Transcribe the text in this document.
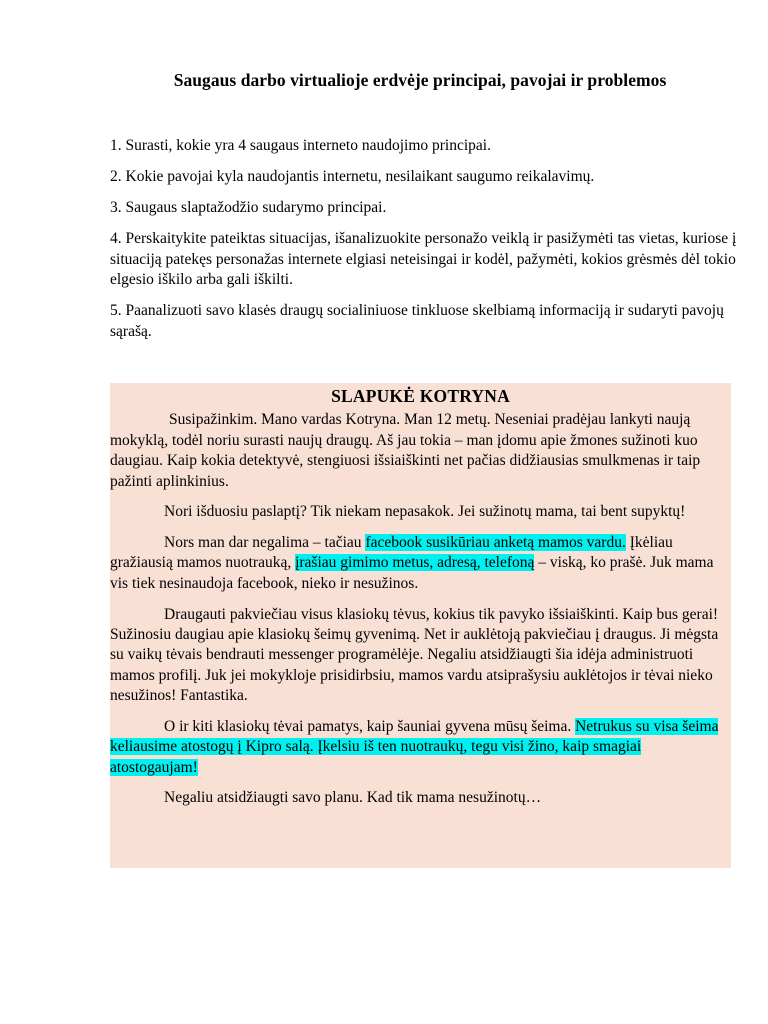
Saugaus darbo virtualioje erdvėje principai, pavojai ir problemos
1. Surasti, kokie yra 4 saugaus interneto naudojimo principai.
2. Kokie pavojai kyla naudojantis internetu, nesilaikant saugumo reikalavimų.
3. Saugaus slaptažodžio sudarymo principai.
4. Perskaitykite pateiktas situacijas, išanalizuokite personažo veiklą ir pasižymėti tas vietas, kuriose į situaciją patekęs personažas internete elgiasi neteisingai ir kodėl, pažymėti, kokios grėsmės dėl tokio elgesio iškilo arba gali iškilti.
5. Paanalizuoti savo klasės draugų socialiniuose tinkluose skelbiamą informaciją ir sudaryti pavojų sąrašą.
SLAPUKĖ KOTRYNA
Susipažinkim. Mano vardas Kotryna. Man 12 metų. Neseniai pradėjau lankyti naują mokyklą, todėl noriu surasti naujų draugų. Aš jau tokia – man įdomu apie žmones sužinoti kuo daugiau. Kaip kokia detektyvė, stengiuosi išsiaiškinti net pačias didžiausias smulkmenas ir taip pažinti aplinkinius.
Nori išduosiu paslaptį? Tik niekam nepasakok. Jei sužinotų mama, tai bent supyktų!
Nors man dar negalima – tačiau facebook susikūriau anketą mamos vardu. Įkėliau gražiausią mamos nuotrauką, įrašiau gimimo metus, adresą, telefoną – viską, ko prašė. Juk mama vis tiek nesinaudoja facebook, nieko ir nesužinos.
Draugauti pakviečiau visus klasiokų tėvus, kokius tik pavyko išsiaiškinti. Kaip bus gerai! Sužinosiu daugiau apie klasiokų šeimų gyvenimą. Net ir auklėtoją pakviečiau į draugus. Ji mėgsta su vaikų tėvais bendrauti messenger programėlėje. Negaliu atsidžiaugti šia idėja administruoti mamos profilį. Juk jei mokykloje prisidirbsiu, mamos vardu atsiprašysiu auklėtojos ir tėvai nieko nesužinos! Fantastika.
O ir kiti klasiokų tėvai pamatys, kaip šauniai gyvena mūsų šeima. Netrukus su visa šeima keliausime atostogų į Kipro salą. Įkelsiu iš ten nuotraukų, tegu visi žino, kaip smagiai atostogaujam!
Negaliu atsidžiaugti savo planu. Kad tik mama nesužinotų…
